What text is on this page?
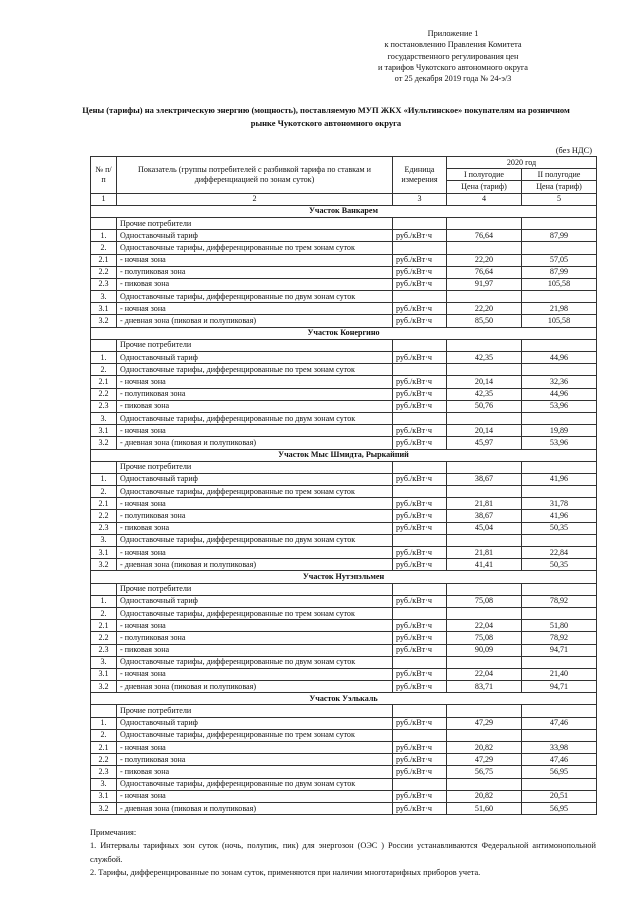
Приложение 1
к постановлению Правления Комитета
государственного регулирования цен
и тарифов Чукотского автономного округа
от 25 декабря 2019 года № 24-э/3
Цены (тарифы) на электрическую энергию (мощность), поставляемую МУП ЖКХ «Иультинское» покупателям на розничном рынке Чукотского автономного округа
(без НДС)
№ п/п	Показатель (группы потребителей с разбивкой тарифа по ставкам и дифференциацией по зонам суток)	Единица измерения	2020 год	
			I полугодие	II полугодие
			Цена (тариф)	Цена (тариф)
1	2	3	4	5
Участок Ванкарем				
	Прочие потребители			
1.	Одноставочный тариф	руб./кВт·ч	76,64	87,99
2.	Одноставочные тарифы, дифференцированные по трем зонам суток			
2.1	- ночная зона	руб./кВт·ч	22,20	57,05
2.2	- полупиковая зона	руб./кВт·ч	76,64	87,99
2.3	- пиковая зона	руб./кВт·ч	91,97	105,58
3.	Одноставочные тарифы, дифференцированные по двум зонам суток			
3.1	- ночная зона	руб./кВт·ч	22,20	21,98
3.2	- дневная зона (пиковая и полупиковая)	руб./кВт·ч	85,50	105,58
Участок Конергино				
	Прочие потребители			
1.	Одноставочный тариф	руб./кВт·ч	42,35	44,96
2.	Одноставочные тарифы, дифференцированные по трем зонам суток			
2.1	- ночная зона	руб./кВт·ч	20,14	32,36
2.2	- полупиковая зона	руб./кВт·ч	42,35	44,96
2.3	- пиковая зона	руб./кВт·ч	50,76	53,96
3.	Одноставочные тарифы, дифференцированные по двум зонам суток			
3.1	- ночная зона	руб./кВт·ч	20,14	19,89
3.2	- дневная зона (пиковая и полупиковая)	руб./кВт·ч	45,97	53,96
Участок Мыс Шмидта, Рыркайпий				
	Прочие потребители			
1.	Одноставочный тариф	руб./кВт·ч	38,67	41,96
2.	Одноставочные тарифы, дифференцированные по трем зонам суток			
2.1	- ночная зона	руб./кВт·ч	21,81	31,78
2.2	- полупиковая зона	руб./кВт·ч	38,67	41,96
2.3	- пиковая зона	руб./кВт·ч	45,04	50,35
3.	Одноставочные тарифы, дифференцированные по двум зонам суток			
3.1	- ночная зона	руб./кВт·ч	21,81	22,84
3.2	- дневная зона (пиковая и полупиковая)	руб./кВт·ч	41,41	50,35
Участок Нутэпэльмен				
	Прочие потребители			
1.	Одноставочный тариф	руб./кВт·ч	75,08	78,92
2.	Одноставочные тарифы, дифференцированные по трем зонам суток			
2.1	- ночная зона	руб./кВт·ч	22,04	51,80
2.2	- полупиковая зона	руб./кВт·ч	75,08	78,92
2.3	- пиковая зона	руб./кВт·ч	90,09	94,71
3.	Одноставочные тарифы, дифференцированные по двум зонам суток			
3.1	- ночная зона	руб./кВт·ч	22,04	21,40
3.2	- дневная зона (пиковая и полупиковая)	руб./кВт·ч	83,71	94,71
Участок Уэлькаль				
	Прочие потребители			
1.	Одноставочный тариф	руб./кВт·ч	47,29	47,46
2.	Одноставочные тарифы, дифференцированные по трем зонам суток			
2.1	- ночная зона	руб./кВт·ч	20,82	33,98
2.2	- полупиковая зона	руб./кВт·ч	47,29	47,46
2.3	- пиковая зона	руб./кВт·ч	56,75	56,95
3.	Одноставочные тарифы, дифференцированные по двум зонам суток			
3.1	- ночная зона	руб./кВт·ч	20,82	20,51
3.2	- дневная зона (пиковая и полупиковая)	руб./кВт·ч	51,60	56,95

Примечания:

1. Интервалы тарифных зон суток (ночь, полупик, пик) для энергозон (ОЭС ) России устанавливаются Федеральной антимонопольной службой.

2. Тарифы, дифференцированные по зонам суток, применяются при наличии многотарифных приборов учета.
